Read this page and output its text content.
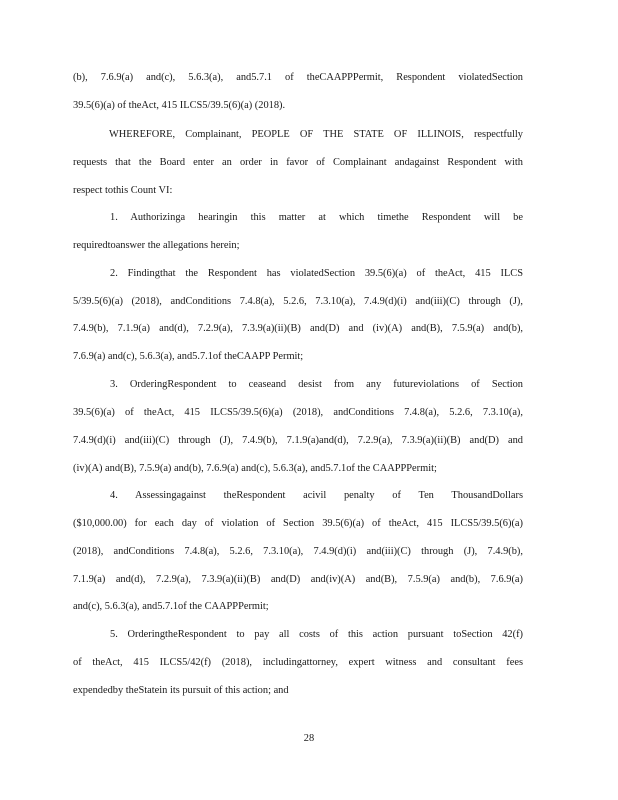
(b), 7.6.9(a) and(c), 5.6.3(a), and5.7.1 of theCAAPPPermit, Respondent violatedSection
39.5(6)(a) of theAct, 415 ILCS5/39.5(6)(a) (2018).
WHEREFORE, Complainant, PEOPLE OF THE STATE OF ILLINOIS, respectfully
requests that the Board enter an order in favor of Complainant andagainst Respondent with
respect tothis Count VI:
1. Authorizinga hearingin this matter at which timethe Respondent will be
requiredtoanswer the allegations herein;
2. Findingthat the Respondent has violatedSection 39.5(6)(a) of theAct, 415 ILCS
5/39.5(6)(a) (2018), andConditions 7.4.8(a), 5.2.6, 7.3.10(a), 7.4.9(d)(i) and(iii)(C) through (J),
7.4.9(b), 7.1.9(a) and(d), 7.2.9(a), 7.3.9(a)(ii)(B) and(D) and (iv)(A) and(B), 7.5.9(a) and(b),
7.6.9(a) and(c), 5.6.3(a), and5.7.1of theCAAPP Permit;
3. OrderingRespondent to ceaseand desist from any futureviolations of Section
39.5(6)(a) of theAct, 415 ILCS5/39.5(6)(a) (2018), andConditions 7.4.8(a), 5.2.6, 7.3.10(a),
7.4.9(d)(i) and(iii)(C) through (J), 7.4.9(b), 7.1.9(a)and(d), 7.2.9(a), 7.3.9(a)(ii)(B) and(D) and
(iv)(A) and(B), 7.5.9(a) and(b), 7.6.9(a) and(c), 5.6.3(a), and5.7.1of the CAAPPPermit;
4. Assessingagainst theRespondent acivil penalty of Ten ThousandDollars
($10,000.00) for each day of violation of Section 39.5(6)(a) of theAct, 415 ILCS5/39.5(6)(a)
(2018), andConditions 7.4.8(a), 5.2.6, 7.3.10(a), 7.4.9(d)(i) and(iii)(C) through (J), 7.4.9(b),
7.1.9(a) and(d), 7.2.9(a), 7.3.9(a)(ii)(B) and(D) and(iv)(A) and(B), 7.5.9(a) and(b), 7.6.9(a)
and(c), 5.6.3(a), and5.7.1of the CAAPPPermit;
5. OrderingtheRespondent to pay all costs of this action pursuant toSection 42(f)
of theAct, 415 ILCS5/42(f) (2018), includingattorney, expert witness and consultant fees
expendedby theStatein its pursuit of this action; and
28
